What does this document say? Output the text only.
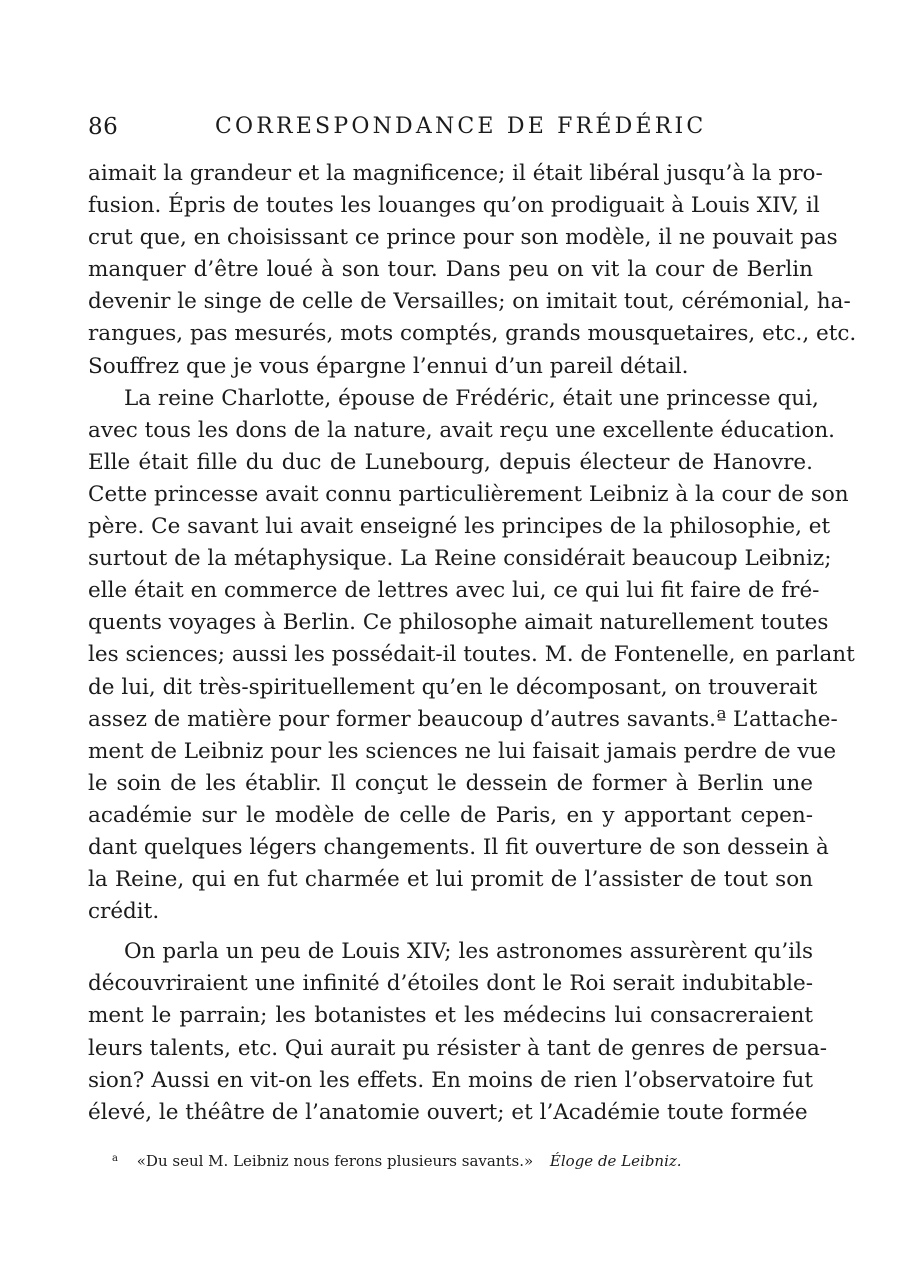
86	CORRESPONDANCE DE FRÉDÉRIC
aimait la grandeur et la magnificence; il était libéral jusqu’à la pro-
fusion. Épris de toutes les louanges qu’on prodiguait à Louis XIV, il
crut que, en choisissant ce prince pour son modèle, il ne pouvait pas
manquer d’être loué à son tour. Dans peu on vit la cour de Berlin
devenir le singe de celle de Versailles; on imitait tout, cérémonial, ha-
rangues, pas mesurés, mots comptés, grands mousquetaires, etc., etc.
Souffrez que je vous épargne l’ennui d’un pareil détail.
La reine Charlotte, épouse de Frédéric, était une princesse qui,
avec tous les dons de la nature, avait reçu une excellente éducation.
Elle était fille du duc de Lunebourg, depuis électeur de Hanovre.
Cette princesse avait connu particulièrement Leibniz à la cour de son
père. Ce savant lui avait enseigné les principes de la philosophie, et
surtout de la métaphysique. La Reine considérait beaucoup Leibniz;
elle était en commerce de lettres avec lui, ce qui lui fit faire de fré-
quents voyages à Berlin. Ce philosophe aimait naturellement toutes
les sciences; aussi les possédait-il toutes. M. de Fontenelle, en parlant
de lui, dit très-spirituellement qu’en le décomposant, on trouverait
assez de matière pour former beaucoup d’autres savants.ª L’attache-
ment de Leibniz pour les sciences ne lui faisait jamais perdre de vue
le soin de les établir. Il conçut le dessein de former à Berlin une
académie sur le modèle de celle de Paris, en y apportant cepen-
dant quelques légers changements. Il fit ouverture de son dessein à
la Reine, qui en fut charmée et lui promit de l’assister de tout son
crédit.
On parla un peu de Louis XIV; les astronomes assurèrent qu’ils
découvriraient une infinité d’étoiles dont le Roi serait indubitable-
ment le parrain; les botanistes et les médecins lui consacreraient
leurs talents, etc. Qui aurait pu résister à tant de genres de persua-
sion? Aussi en vit-on les effets. En moins de rien l’observatoire fut
élevé, le théâtre de l’anatomie ouvert; et l’Académie toute formée
$^a$ «Du seul M. Leibniz nous ferons plusieurs savants.» Éloge de Leibniz.
